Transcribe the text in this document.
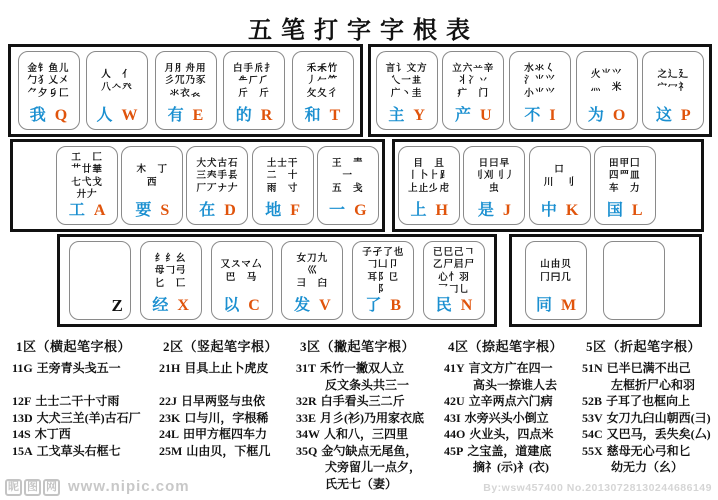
五笔打字字根表
金钅鱼儿
勹犭乂㐅
⺈夕𠂎匚
我 Q
人　亻
八𠆢癶
人 W
月⺼舟用
彡⺴乃豕
氺衣𧘇
有 E
白手𠂢扌
𠂒厂⺁
斤　斤
的 R
禾𥝌竹
丿𠂉⺮
攵夂彳
和 T
言讠文方
乀一𠀎
广丶圭
主 Y
立六䒑辛
丬冫丷
疒　门
产 U
水氺𡿨
氵⺌⺍
小⺌⺍
不 I
火⺌⺍
灬　米
为 O
之辶廴
宀冖礻
这 P
工　匚
艹廿𠦒
七弋戈
廾𠂇
工 A
木　丁
西
要 S
大犬古石
三𡗗手镸
厂丆ナ𠂇
在 D
土士干
二　十
雨　寸
地 F
王　龶
一
五　戋
一 G
目　且
丨卜⺊⻊
上止𣥂虍
上 H
日曰早
刂刈刂丿
虫
是 J
口
川　刂
中 K
田甲囗
四罒皿
车　力
国 L
Z
纟纟幺
母𠃌弓
匕　匸
经 X
又スマ厶
巴　马
以 C
女刀九
巛
彐　臼
发 V
子孑了也
𠃌凵卩
耳阝㔾
阝
了 B
已巳己𠃍
乙尸𡰪尸
心忄羽
乛𠃌乚
民 N
山由贝
冂𠔼几
同 M
1区（横起笔字根）
11G 王旁青头戋五一

12F 土士二干十寸雨
13D 大犬三𦍌(羊)古石厂
14S 木丁西
15A 工戈草头右框七
2区（竖起笔字根）
21H 目具上止卜虎皮

22J 日早两竖与虫依
23K 口与川，字根稀
24L 田甲方框四车力
25M 山由贝，下框几
3区（撇起笔字根）
31T 禾竹一撇双人立
反文条头共三一
32R 白手看头三二斤
33E 月彡(衫)乃用家衣底
34W 人和八，三四里
35Q 金勺缺点无尾鱼，
犬旁留儿一点夕，
氏无七（妻）
4区（捺起笔字根）
41Y 言文方广在四一
高头一捺谁人去
42U 立辛两点六门病
43I 水旁兴头小倒立
44O 火业头，四点米
45P 之宝盖，道建底
摘礻(示)衤(衣)
5区（折起笔字根）
51N 已半巳满不出己
左框折尸心和羽
52B 子耳了也框向上
53V 女刀九臼山朝西(彐)
54C 又巴马，丢失矣(厶)
55X 慈母无心弓和匕
幼无力（幺）
昵 图 网 www.nipic.com	By:wsw457400 No.20130728130244686149
